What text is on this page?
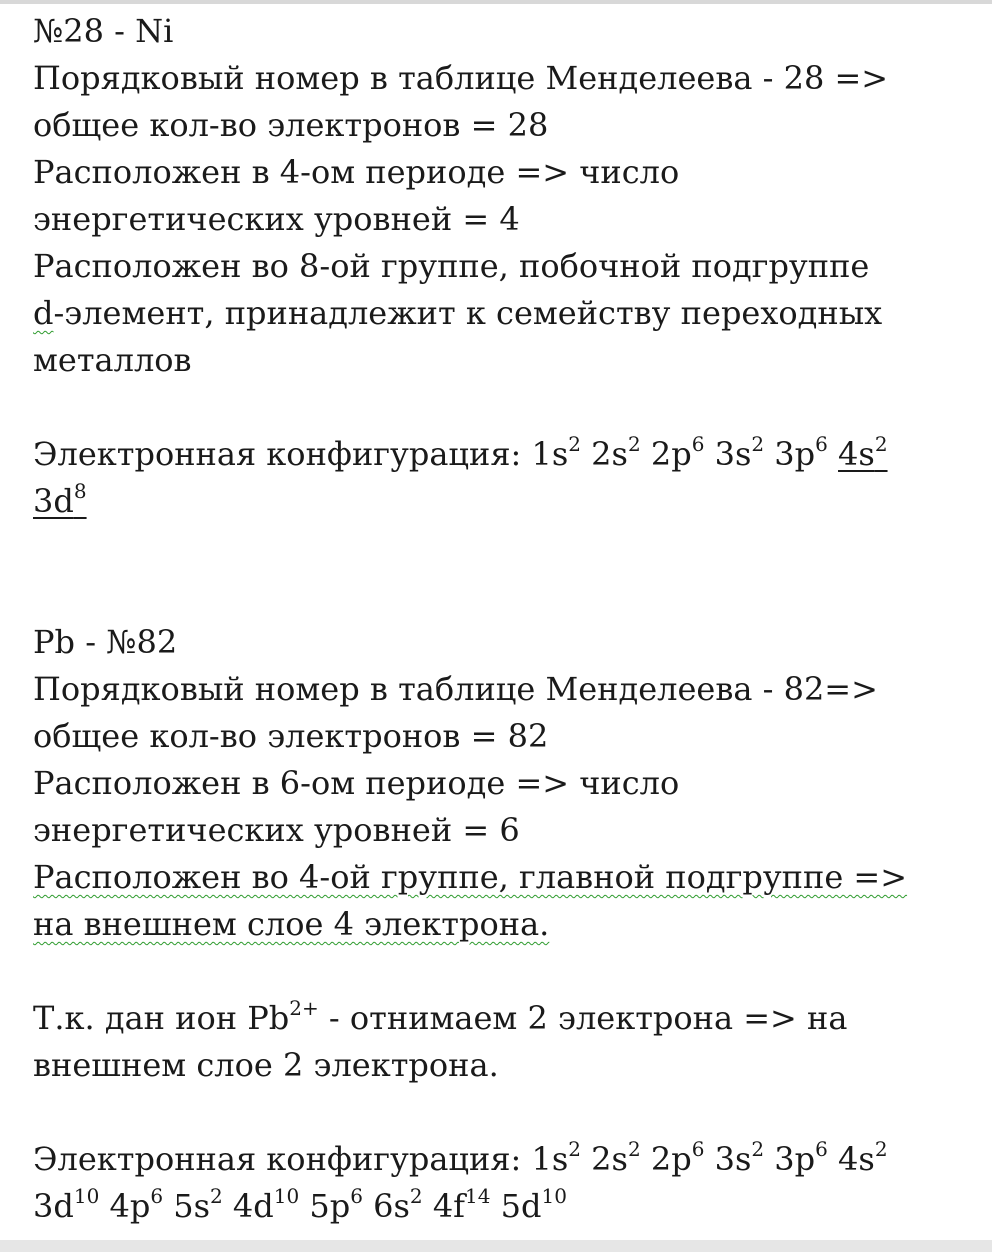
№28 - Ni
Порядковый номер в таблице Менделеева - 28 =>
общее кол-во электронов = 28
Расположен в 4-ом периоде => число
энергетических уровней = 4
Расположен во 8-ой группе, побочной подгруппе
d-элемент, принадлежит к семейству переходных
металлов
Электронная конфигурация: $1s^2$ $2s^2$ $2p^6$ $3s^2$ $3p^6$ $4s^2$
$3d^8$
Pb - №82
Порядковый номер в таблице Менделеева - 82=>
общее кол-во электронов = 82
Расположен в 6-ом периоде => число
энергетических уровней = 6
Расположен во 4-ой группе, главной подгруппе =>
на внешнем слое 4 электрона.
Т.к. дан ион $Pb^{2+}$ - отнимаем 2 электрона => на
внешнем слое 2 электрона.
Электронная конфигурация: $1s^2$ $2s^2$ $2p^6$ $3s^2$ $3p^6$ $4s^2$
$3d^{10}$ $4p^6$ $5s^2$ $4d^{10}$ $5p^6$ $6s^2$ $4f^{14}$ $5d^{10}$
